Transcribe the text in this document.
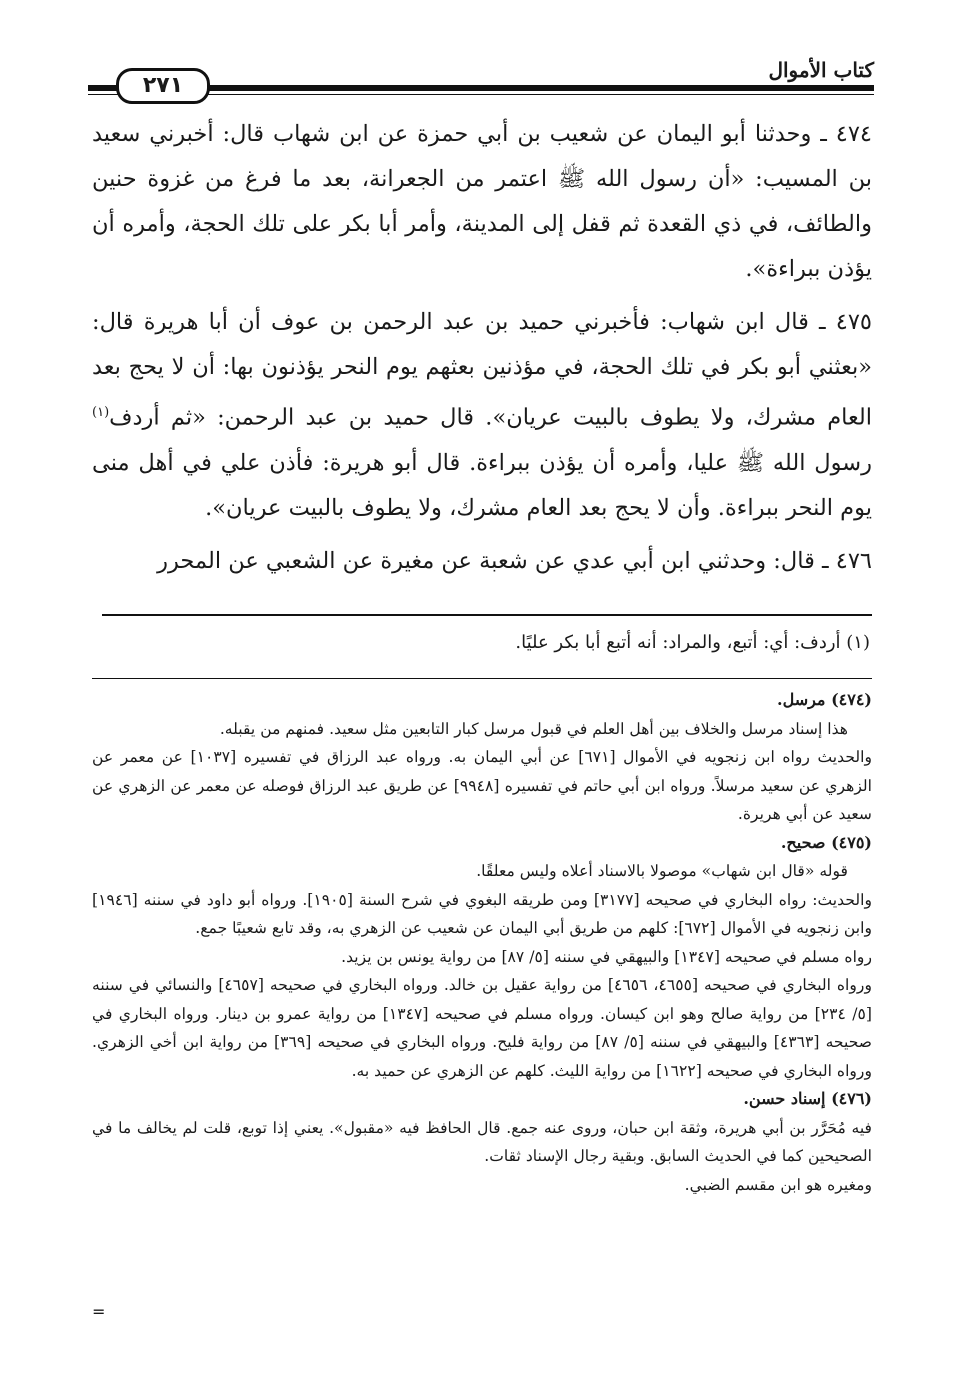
كتاب الأموال
٢٧١

٤٧٤ ـ وحدثنا أبو اليمان عن شعيب بن أبي حمزة عن ابن شهاب قال: أخبرني سعيد بن المسيب: «أن رسول الله ﷺ اعتمر من الجعرانة، بعد ما فرغ من غزوة حنين والطائف، في ذي القعدة ثم قفل إلى المدينة، وأمر أبا بكر على تلك الحجة، وأمره أن يؤذن ببراءة».

٤٧٥ ـ قال ابن شهاب: فأخبرني حميد بن عبد الرحمن بن عوف أن أبا هريرة قال: «بعثني أبو بكر في تلك الحجة، في مؤذنين بعثهم يوم النحر يؤذنون بها: أن لا يحج بعد العام مشرك، ولا يطوف بالبيت عريان». قال حميد بن عبد الرحمن: «ثم أردف$^{(١)}$ رسول الله ﷺ عليا، وأمره أن يؤذن ببراءة. قال أبو هريرة: فأذن علي في أهل منى يوم النحر ببراءة. وأن لا يحج بعد العام مشرك، ولا يطوف بالبيت عريان».

٤٧٦ ـ قال: وحدثني ابن أبي عدي عن شعبة عن مغيرة عن الشعبي عن المحرر

(١) أردف: أي: أتبع، والمراد: أنه أتبع أبا بكر عليًا.

(٤٧٤) مرسل.

هذا إسناد مرسل والخلاف بين أهل العلم في قبول مرسل كبار التابعين مثل سعيد. فمنهم من يقبله.

والحديث رواه ابن زنجويه في الأموال [٦٧١] عن أبي اليمان به. ورواه عبد الرزاق في تفسيره [١٠٣٧] عن معمر عن الزهري عن سعيد مرسلاً. ورواه ابن أبي حاتم في تفسيره [٩٩٤٨] عن طريق عبد الرزاق فوصله عن معمر عن الزهري عن سعيد عن أبي هريرة.

(٤٧٥) صحيح.

قوله «قال ابن شهاب» موصولا بالاسناد أعلاه وليس معلقًا.

والحديث: رواه البخاري في صحيحه [٣١٧٧] ومن طريقه البغوي في شرح السنة [١٩٠٥]. ورواه أبو داود في سننه [١٩٤٦] وابن زنجويه في الأموال [٦٧٢]: كلهم من طريق أبي اليمان عن شعيب عن الزهري به، وقد تابع شعيبًا جمع.

رواه مسلم في صحيحه [١٣٤٧] والبيهقي في سننه [٥/ ٨٧] من رواية يونس بن يزيد.

ورواه البخاري في صحيحه [٤٦٥٥، ٤٦٥٦] من رواية عقيل بن خالد. ورواه البخاري في صحيحه [٤٦٥٧] والنسائي في سننه [٥/ ٢٣٤] من رواية صالح وهو ابن كيسان. ورواه مسلم في صحيحه [١٣٤٧] من رواية عمرو بن دينار. ورواه البخاري في صحيحه [٤٣٦٣] والبيهقي في سننه [٥/ ٨٧] من رواية فليح. ورواه البخاري في صحيحه [٣٦٩] من رواية ابن أخي الزهري. ورواه البخاري في صحيحه [١٦٢٢] من رواية الليث. كلهم عن الزهري عن حميد به.

(٤٧٦) إسناد حسن.

فيه مُحَرَّر بن أبي هريرة، وثقة ابن حبان، وروى عنه جمع. قال الحافظ فيه «مقبول». يعني إذا توبع، قلت لم يخالف ما في الصحيحين كما في الحديث السابق. وبقية رجال الإسناد ثقات.

ومغيره هو ابن مقسم الضبي.

=
